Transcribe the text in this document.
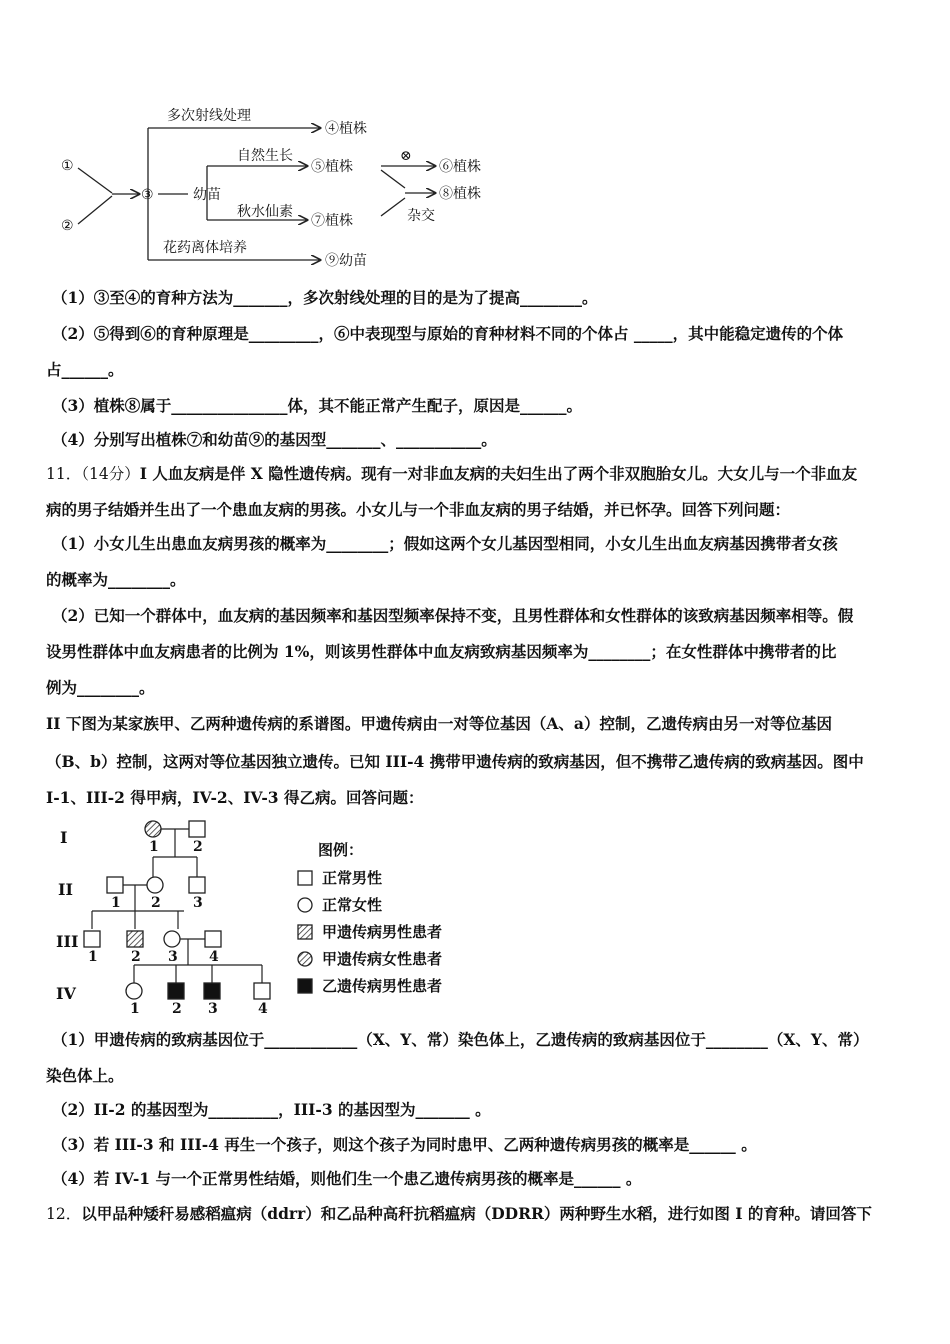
①
②
③	幼苗
多次射线处理
④植株
自然生长
⑤植株
⊗
⑥植株
秋水仙素
⑦植株	杂交
⑧植株
花药离体培养
⑨幼苗
（1）③至④的育种方法为_______，多次射线处理的目的是为了提高________。
（2）⑤得到⑥的育种原理是_________，⑥中表现型与原始的育种材料不同的个体占 _____，其中能稳定遗传的个体
占______。
（3）植株⑧属于_______________体，其不能正常产生配子，原因是______。
（4）分别写出植株⑦和幼苗⑨的基因型_______、___________。
11．（14分）I 人血友病是伴 X 隐性遗传病。现有一对非血友病的夫妇生出了两个非双胞胎女儿。大女儿与一个非血友
病的男子结婚并生出了一个患血友病的男孩。小女儿与一个非血友病的男子结婚，并已怀孕。回答下列问题：
（1）小女儿生出患血友病男孩的概率为________；假如这两个女儿基因型相同，小女儿生出血友病基因携带者女孩
的概率为________。
（2）已知一个群体中，血友病的基因频率和基因型频率保持不变，且男性群体和女性群体的该致病基因频率相等。假
设男性群体中血友病患者的比例为 1%，则该男性群体中血友病致病基因频率为________；在女性群体中携带者的比
例为________。
II 下图为某家族甲、乙两种遗传病的系谱图。甲遗传病由一对等位基因（A、a）控制，乙遗传病由另一对等位基因
（B、b）控制，这两对等位基因独立遗传。已知 III-4 携带甲遗传病的致病基因，但不携带乙遗传病的致病基因。图中
I-1、III-2 得甲病，IV-2、IV-3 得乙病。回答问题：
I
II
III
IV
1 2
1 2 3
1 2 3 4
1 2 3	4
图例：
正常男性
正常女性
甲遗传病男性患者
甲遗传病女性患者
乙遗传病男性患者
（1）甲遗传病的致病基因位于____________（X、Y、常）染色体上，乙遗传病的致病基因位于________（X、Y、常）
染色体上。
（2）II-2 的基因型为_________，III-3 的基因型为_______ 。
（3）若 III-3 和 III-4 再生一个孩子，则这个孩子为同时患甲、乙两种遗传病男孩的概率是______ 。
（4）若 IV-1 与一个正常男性结婚，则他们生一个患乙遗传病男孩的概率是______ 。
12．以甲品种矮秆易感稻瘟病（ddrr）和乙品种高秆抗稻瘟病（DDRR）两种野生水稻，进行如图 I 的育种。请回答下
